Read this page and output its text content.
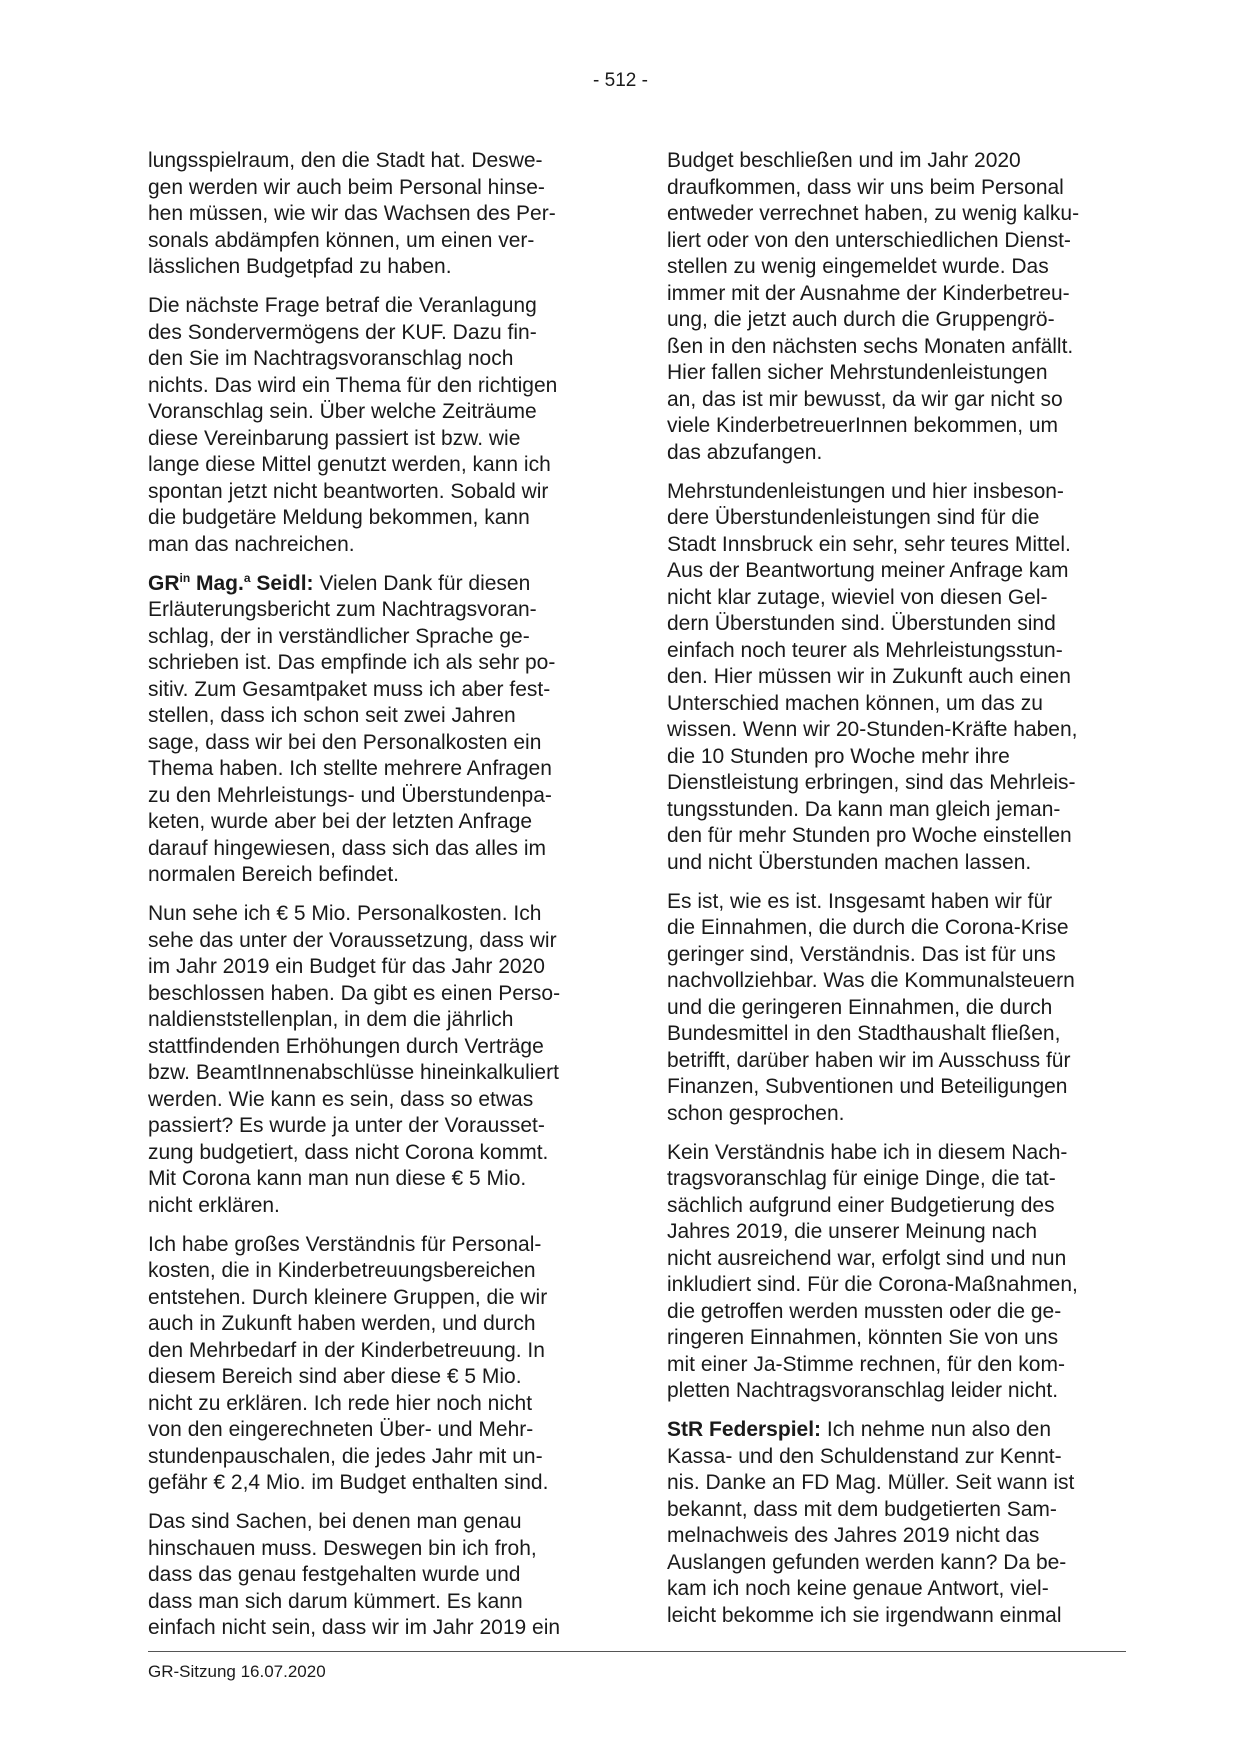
- 512 -

lungsspielraum, den die Stadt hat. Deswe-
gen werden wir auch beim Personal hinse-
hen müssen, wie wir das Wachsen des Per-
sonals abdämpfen können, um einen ver-
lässlichen Budgetpfad zu haben.

Die nächste Frage betraf die Veranlagung
des Sondervermögens der KUF. Dazu fin-
den Sie im Nachtragsvoranschlag noch
nichts. Das wird ein Thema für den richtigen
Voranschlag sein. Über welche Zeiträume
diese Vereinbarung passiert ist bzw. wie
lange diese Mittel genutzt werden, kann ich
spontan jetzt nicht beantworten. Sobald wir
die budgetäre Meldung bekommen, kann
man das nachreichen.

$GR^{in}$ Mag.$^a$ Seidl: Vielen Dank für diesen
Erläuterungsbericht zum Nachtragsvoran-
schlag, der in verständlicher Sprache ge-
schrieben ist. Das empfinde ich als sehr po-
sitiv. Zum Gesamtpaket muss ich aber fest-
stellen, dass ich schon seit zwei Jahren
sage, dass wir bei den Personalkosten ein
Thema haben. Ich stellte mehrere Anfragen
zu den Mehrleistungs- und Überstundenpa-
keten, wurde aber bei der letzten Anfrage
darauf hingewiesen, dass sich das alles im
normalen Bereich befindet.

Nun sehe ich € 5 Mio. Personalkosten. Ich
sehe das unter der Voraussetzung, dass wir
im Jahr 2019 ein Budget für das Jahr 2020
beschlossen haben. Da gibt es einen Perso-
naldienststellenplan, in dem die jährlich
stattfindenden Erhöhungen durch Verträge
bzw. BeamtInnenabschlüsse hineinkalkuliert
werden. Wie kann es sein, dass so etwas
passiert? Es wurde ja unter der Vorausset-
zung budgetiert, dass nicht Corona kommt.
Mit Corona kann man nun diese € 5 Mio.
nicht erklären.

Ich habe großes Verständnis für Personal-
kosten, die in Kinderbetreuungsbereichen
entstehen. Durch kleinere Gruppen, die wir
auch in Zukunft haben werden, und durch
den Mehrbedarf in der Kinderbetreuung. In
diesem Bereich sind aber diese € 5 Mio.
nicht zu erklären. Ich rede hier noch nicht
von den eingerechneten Über- und Mehr-
stundenpauschalen, die jedes Jahr mit un-
gefähr € 2,4 Mio. im Budget enthalten sind.

Das sind Sachen, bei denen man genau
hinschauen muss. Deswegen bin ich froh,
dass das genau festgehalten wurde und
dass man sich darum kümmert. Es kann
einfach nicht sein, dass wir im Jahr 2019 ein

Budget beschließen und im Jahr 2020
draufkommen, dass wir uns beim Personal
entweder verrechnet haben, zu wenig kalku-
liert oder von den unterschiedlichen Dienst-
stellen zu wenig eingemeldet wurde. Das
immer mit der Ausnahme der Kinderbetreu-
ung, die jetzt auch durch die Gruppengrö-
ßen in den nächsten sechs Monaten anfällt.
Hier fallen sicher Mehrstundenleistungen
an, das ist mir bewusst, da wir gar nicht so
viele KinderbetreuerInnen bekommen, um
das abzufangen.

Mehrstundenleistungen und hier insbeson-
dere Überstundenleistungen sind für die
Stadt Innsbruck ein sehr, sehr teures Mittel.
Aus der Beantwortung meiner Anfrage kam
nicht klar zutage, wieviel von diesen Gel-
dern Überstunden sind. Überstunden sind
einfach noch teurer als Mehrleistungsstun-
den. Hier müssen wir in Zukunft auch einen
Unterschied machen können, um das zu
wissen. Wenn wir 20-Stunden-Kräfte haben,
die 10 Stunden pro Woche mehr ihre
Dienstleistung erbringen, sind das Mehrleis-
tungsstunden. Da kann man gleich jeman-
den für mehr Stunden pro Woche einstellen
und nicht Überstunden machen lassen.

Es ist, wie es ist. Insgesamt haben wir für
die Einnahmen, die durch die Corona-Krise
geringer sind, Verständnis. Das ist für uns
nachvollziehbar. Was die Kommunalsteuern
und die geringeren Einnahmen, die durch
Bundesmittel in den Stadthaushalt fließen,
betrifft, darüber haben wir im Ausschuss für
Finanzen, Subventionen und Beteiligungen
schon gesprochen.

Kein Verständnis habe ich in diesem Nach-
tragsvoranschlag für einige Dinge, die tat-
sächlich aufgrund einer Budgetierung des
Jahres 2019, die unserer Meinung nach
nicht ausreichend war, erfolgt sind und nun
inkludiert sind. Für die Corona-Maßnahmen,
die getroffen werden mussten oder die ge-
ringeren Einnahmen, könnten Sie von uns
mit einer Ja-Stimme rechnen, für den kom-
pletten Nachtragsvoranschlag leider nicht.

StR Federspiel: Ich nehme nun also den
Kassa- und den Schuldenstand zur Kennt-
nis. Danke an FD Mag. Müller. Seit wann ist
bekannt, dass mit dem budgetierten Sam-
melnachweis des Jahres 2019 nicht das
Auslangen gefunden werden kann? Da be-
kam ich noch keine genaue Antwort, viel-
leicht bekomme ich sie irgendwann einmal

GR-Sitzung 16.07.2020
